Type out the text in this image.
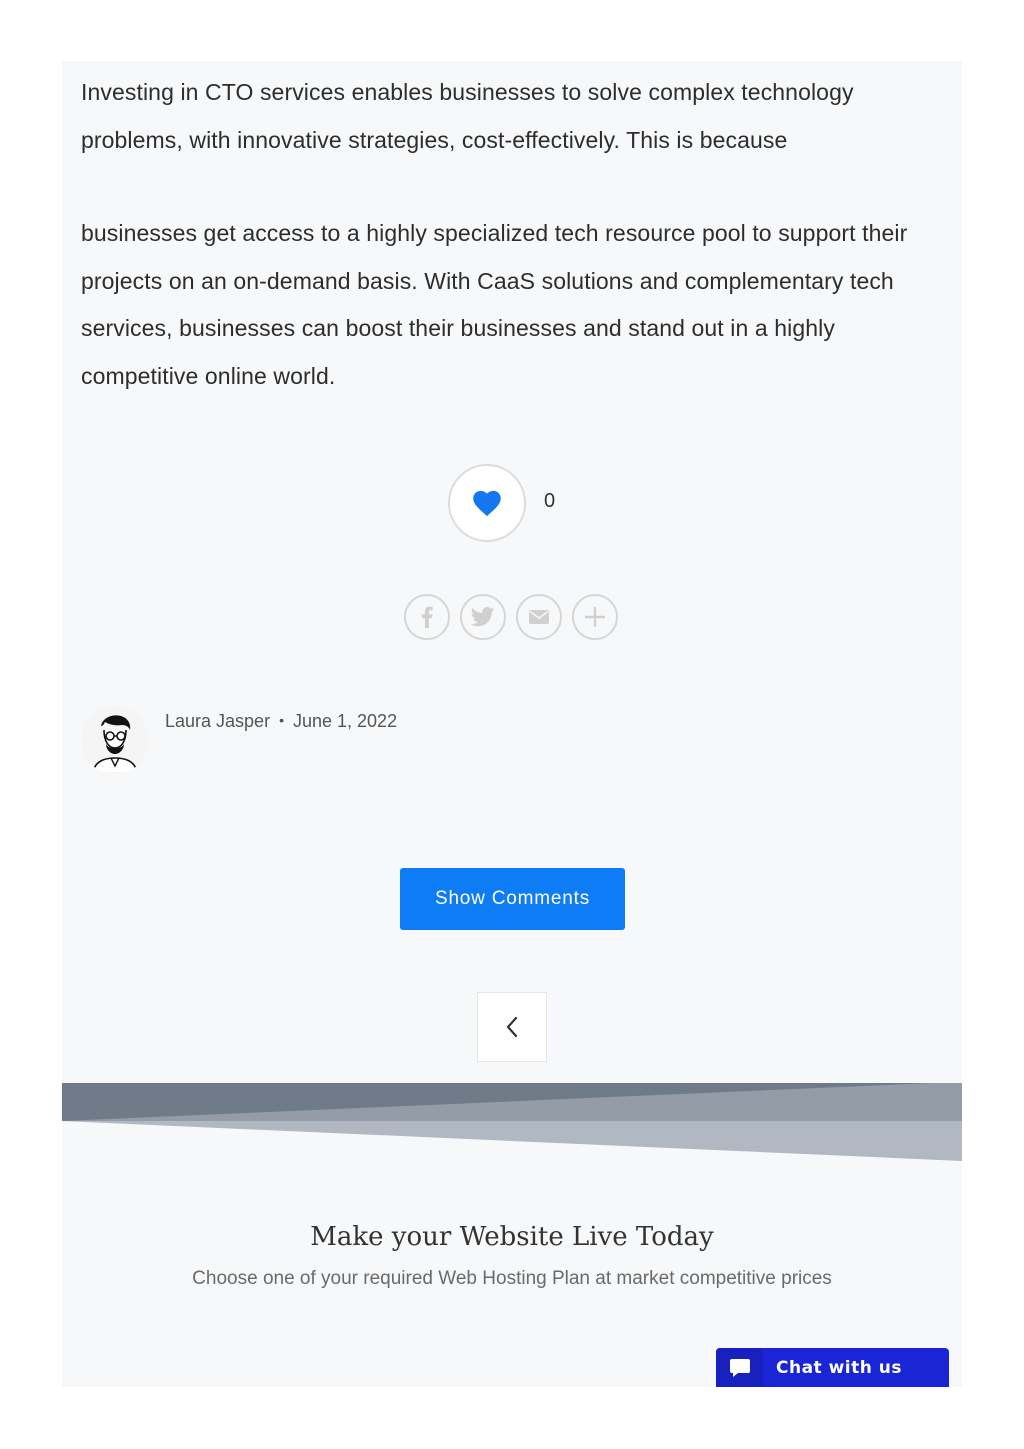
Investing in CTO services enables businesses to solve complex technology problems, with innovative strategies, cost-effectively. This is because

businesses get access to a highly specialized tech resource pool to support their projects on an on-demand basis. With CaaS solutions and complementary tech services, businesses can boost their businesses and stand out in a highly competitive online world.

0
Laura Jasper • June 1, 2022
Show Comments
Make your Website Live Today

Choose one of your required Web Hosting Plan at market competitive prices

Chat with us
